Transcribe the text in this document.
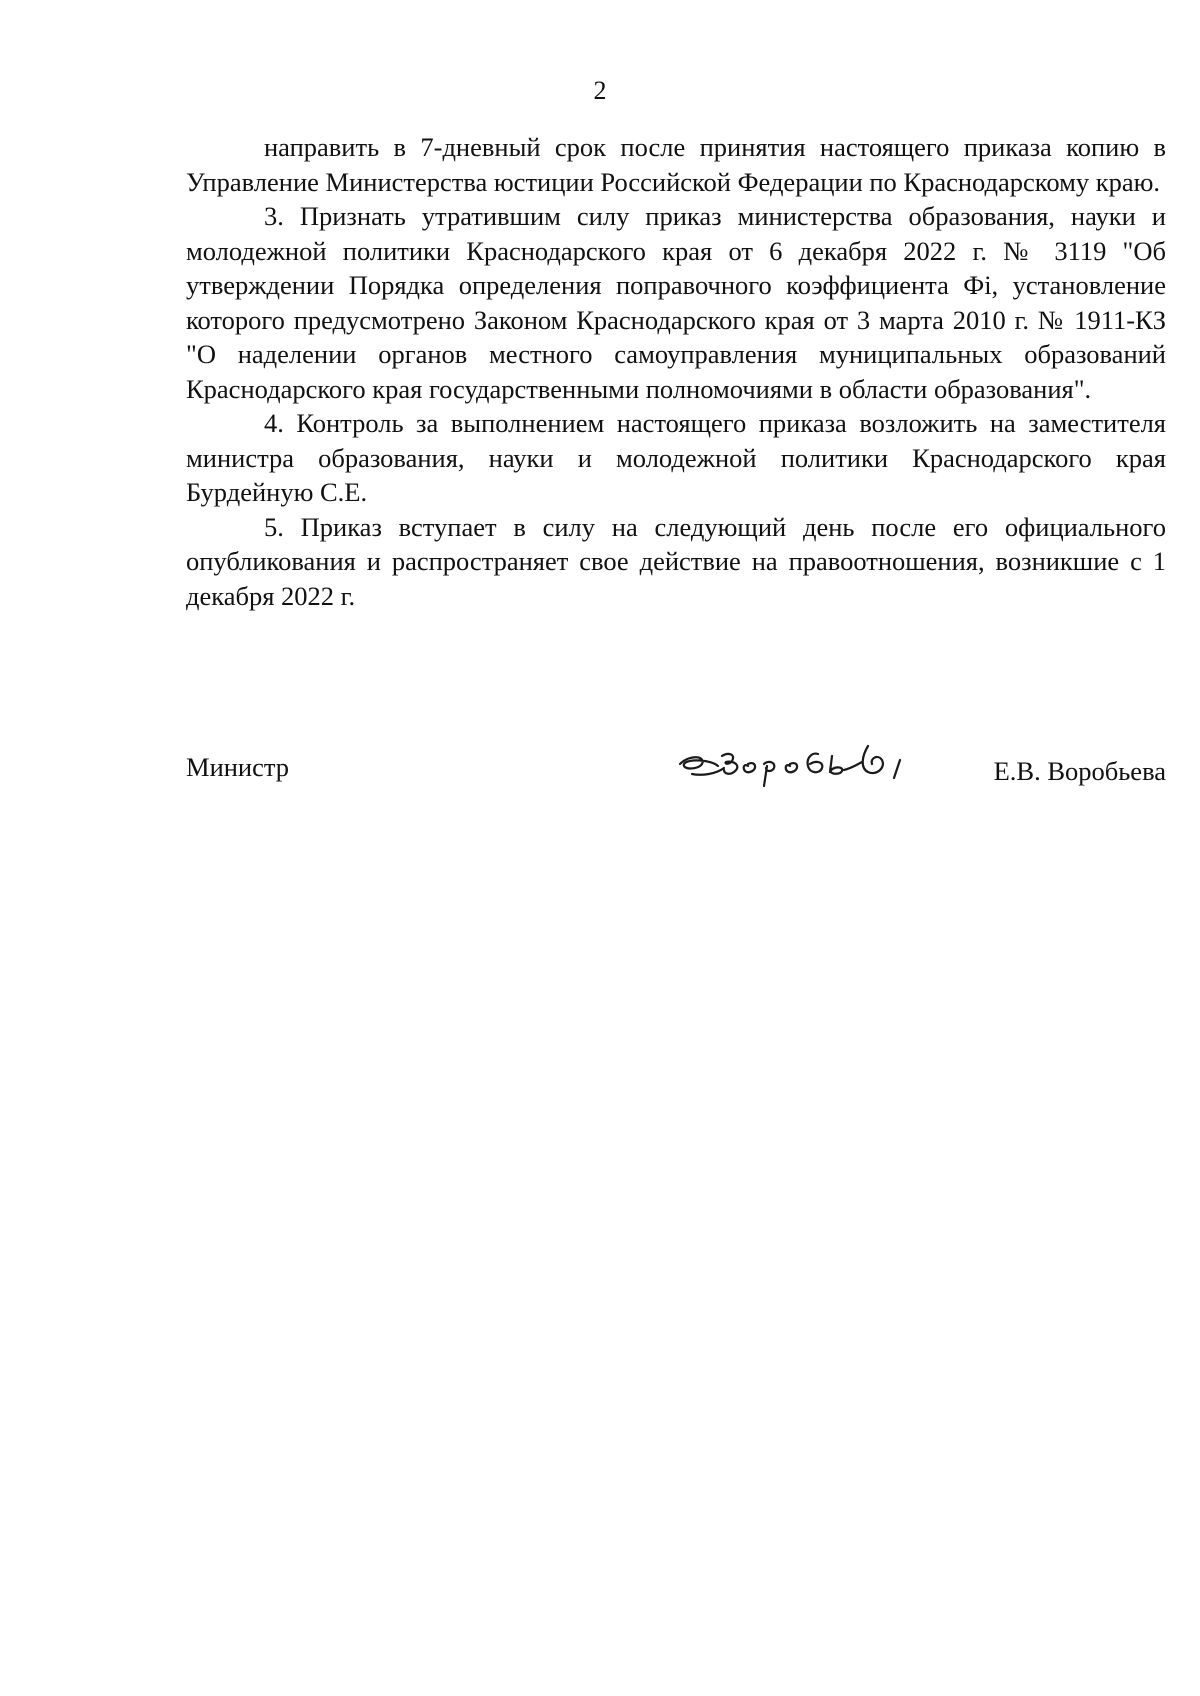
2

направить в 7-дневный срок после принятия настоящего приказа копию в Управление Министерства юстиции Российской Федерации по Краснодарскому краю.

3. Признать утратившим силу приказ министерства образования, науки и молодежной политики Краснодарского края от 6 декабря 2022 г. № 3119 "Об утверждении Порядка определения поправочного коэффициента Фi, установление которого предусмотрено Законом Краснодарского края от 3 марта 2010 г. № 1911-КЗ "О наделении органов местного самоуправления муниципальных образований Краснодарского края государственными полномочиями в области образования".

4. Контроль за выполнением настоящего приказа возложить на заместителя министра образования, науки и молодежной политики Краснодарского края Бурдейную С.Е.

5. Приказ вступает в силу на следующий день после его официального опубликования и распространяет свое действие на правоотношения, возникшие с 1 декабря 2022 г.

Министр	Е.В. Воробьева
